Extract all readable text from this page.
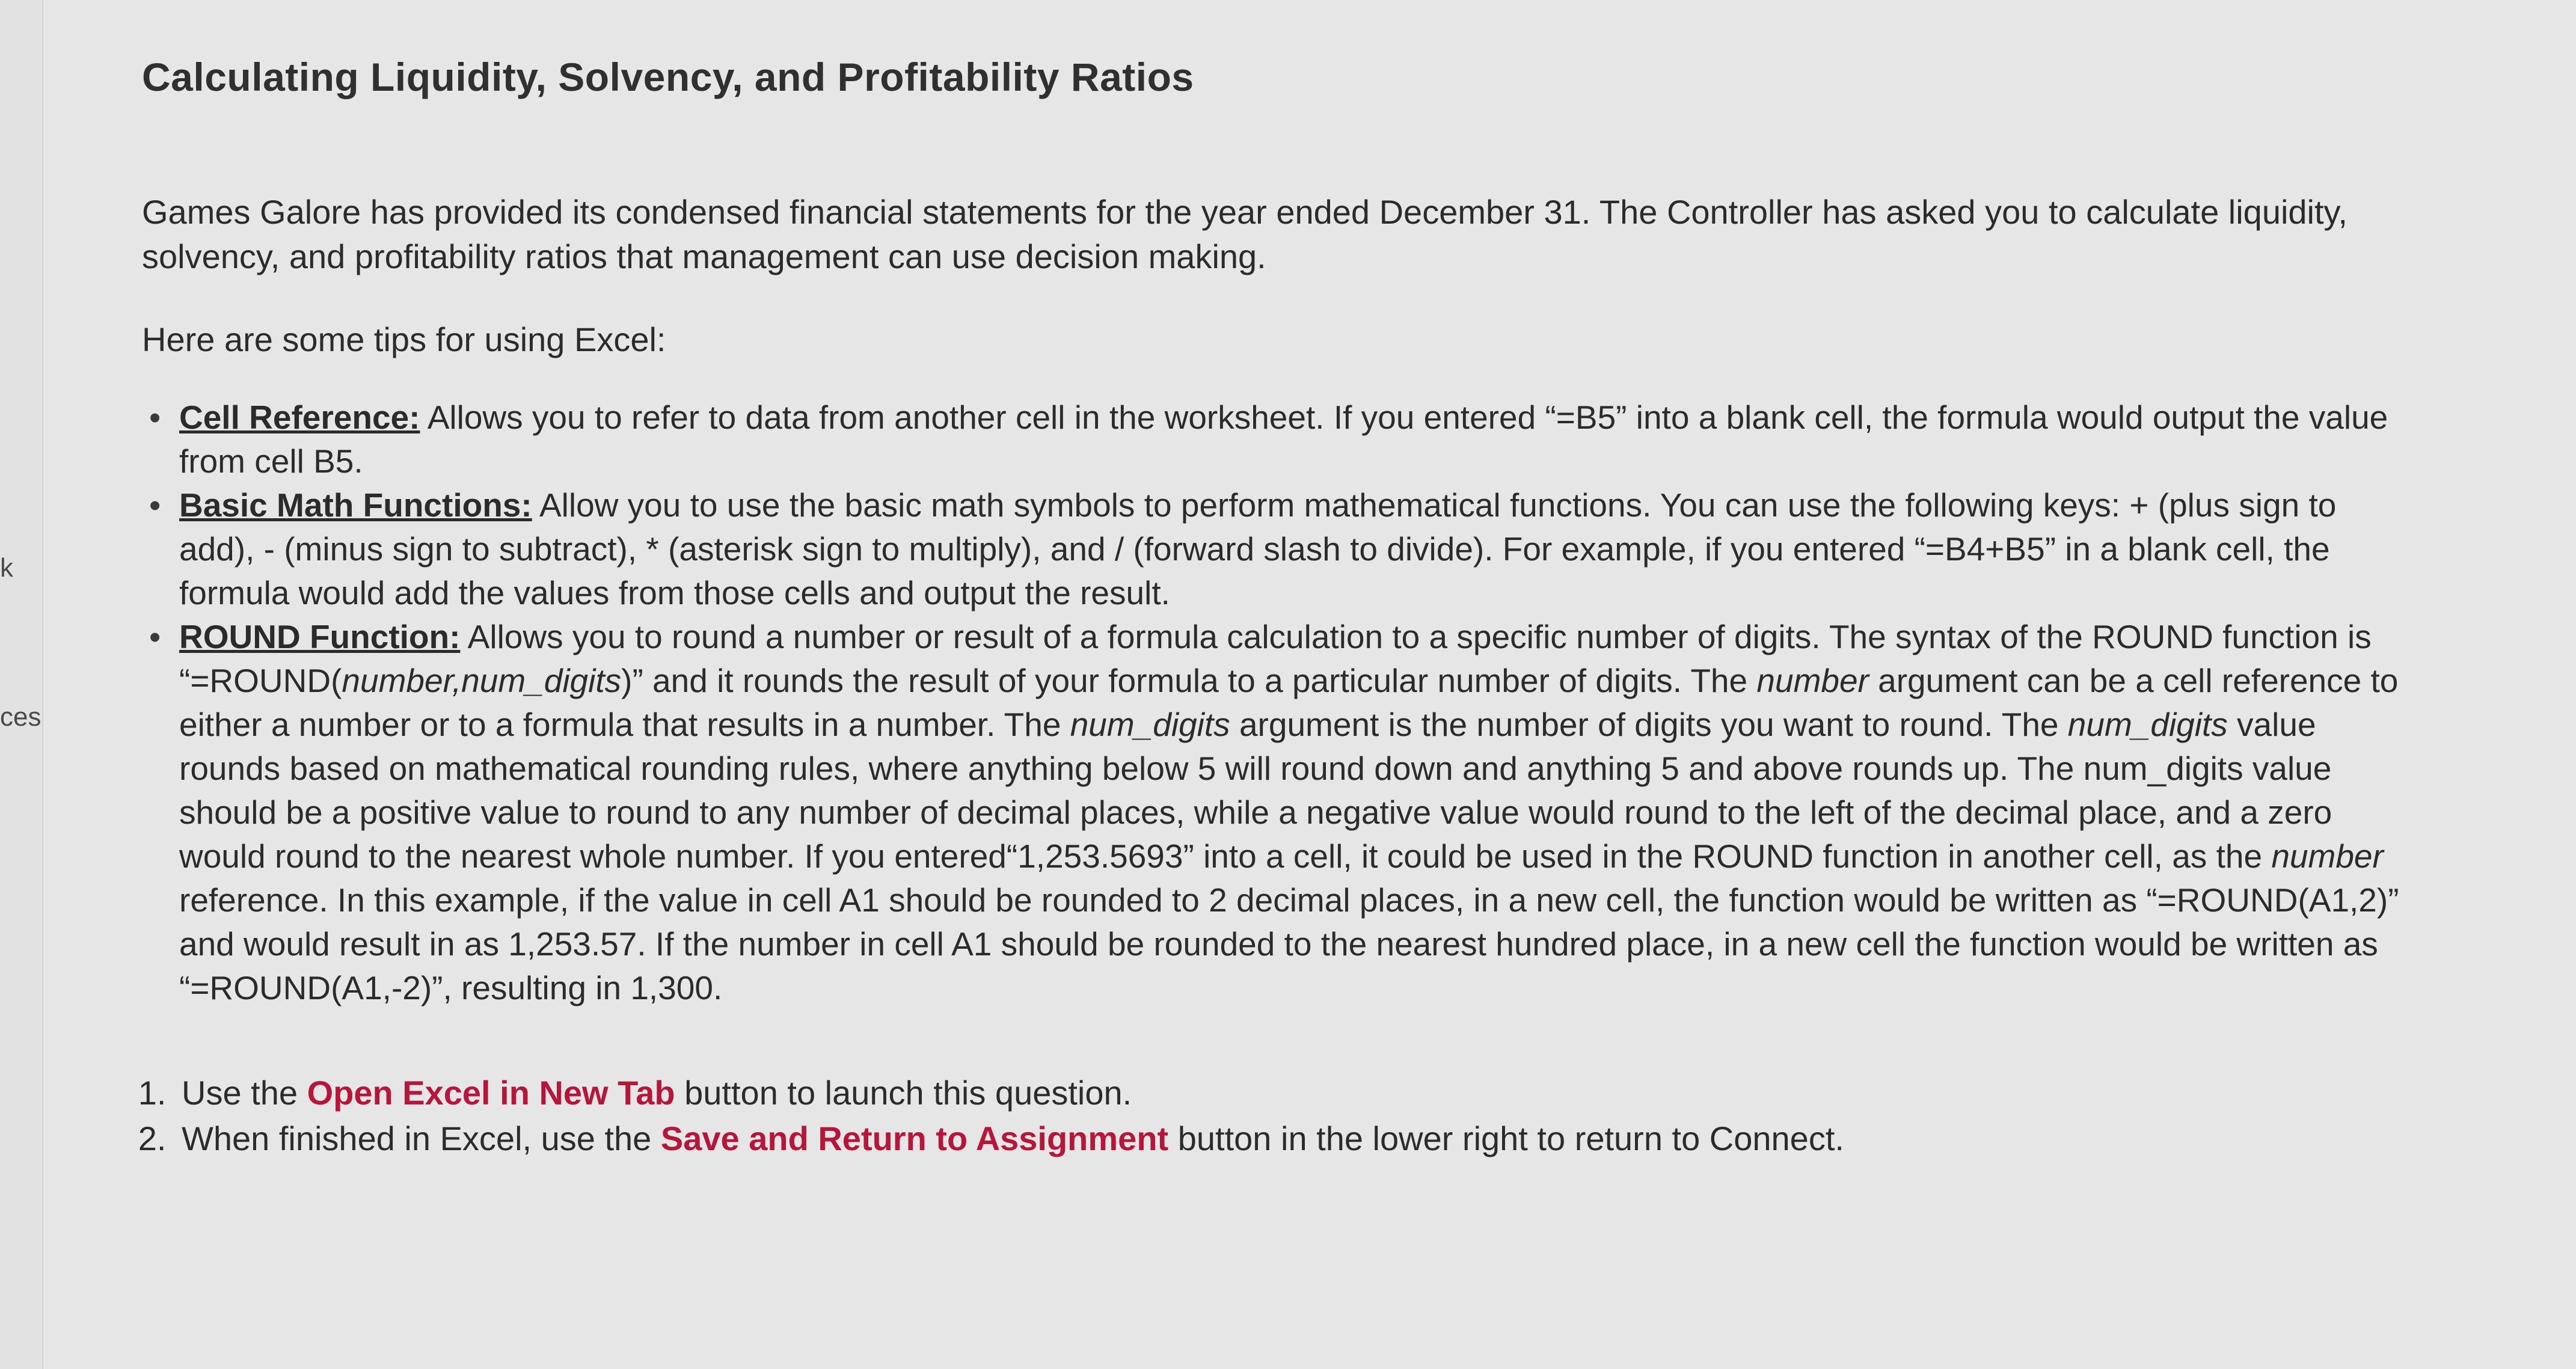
k
ces
Calculating Liquidity, Solvency, and Profitability Ratios

Games Galore has provided its condensed financial statements for the year ended December 31. The Controller has asked you to calculate liquidity, solvency, and profitability ratios that management can use decision making.

Here are some tips for using Excel:
• Cell Reference: Allows you to refer to data from another cell in the worksheet. If you entered “=B5” into a blank cell, the formula would output the value from cell B5.
• Basic Math Functions: Allow you to use the basic math symbols to perform mathematical functions. You can use the following keys: + (plus sign to add), - (minus sign to subtract), * (asterisk sign to multiply), and / (forward slash to divide). For example, if you entered “=B4+B5” in a blank cell, the formula would add the values from those cells and output the result.
• ROUND Function: Allows you to round a number or result of a formula calculation to a specific number of digits. The syntax of the ROUND function is “=ROUND(number,num_digits)” and it rounds the result of your formula to a particular number of digits. The number argument can be a cell reference to either a number or to a formula that results in a number. The num_digits argument is the number of digits you want to round. The num_digits value rounds based on mathematical rounding rules, where anything below 5 will round down and anything 5 and above rounds up. The num_digits value should be a positive value to round to any number of decimal places, while a negative value would round to the left of the decimal place, and a zero would round to the nearest whole number. If you entered“1,253.5693” into a cell, it could be used in the ROUND function in another cell, as the number reference. In this example, if the value in cell A1 should be rounded to 2 decimal places, in a new cell, the function would be written as “=ROUND(A1,2)” and would result in as 1,253.57. If the number in cell A1 should be rounded to the nearest hundred place, in a new cell the function would be written as “=ROUND(A1,-2)”, resulting in 1,300.
1. Use the Open Excel in New Tab button to launch this question.
2. When finished in Excel, use the Save and Return to Assignment button in the lower right to return to Connect.
